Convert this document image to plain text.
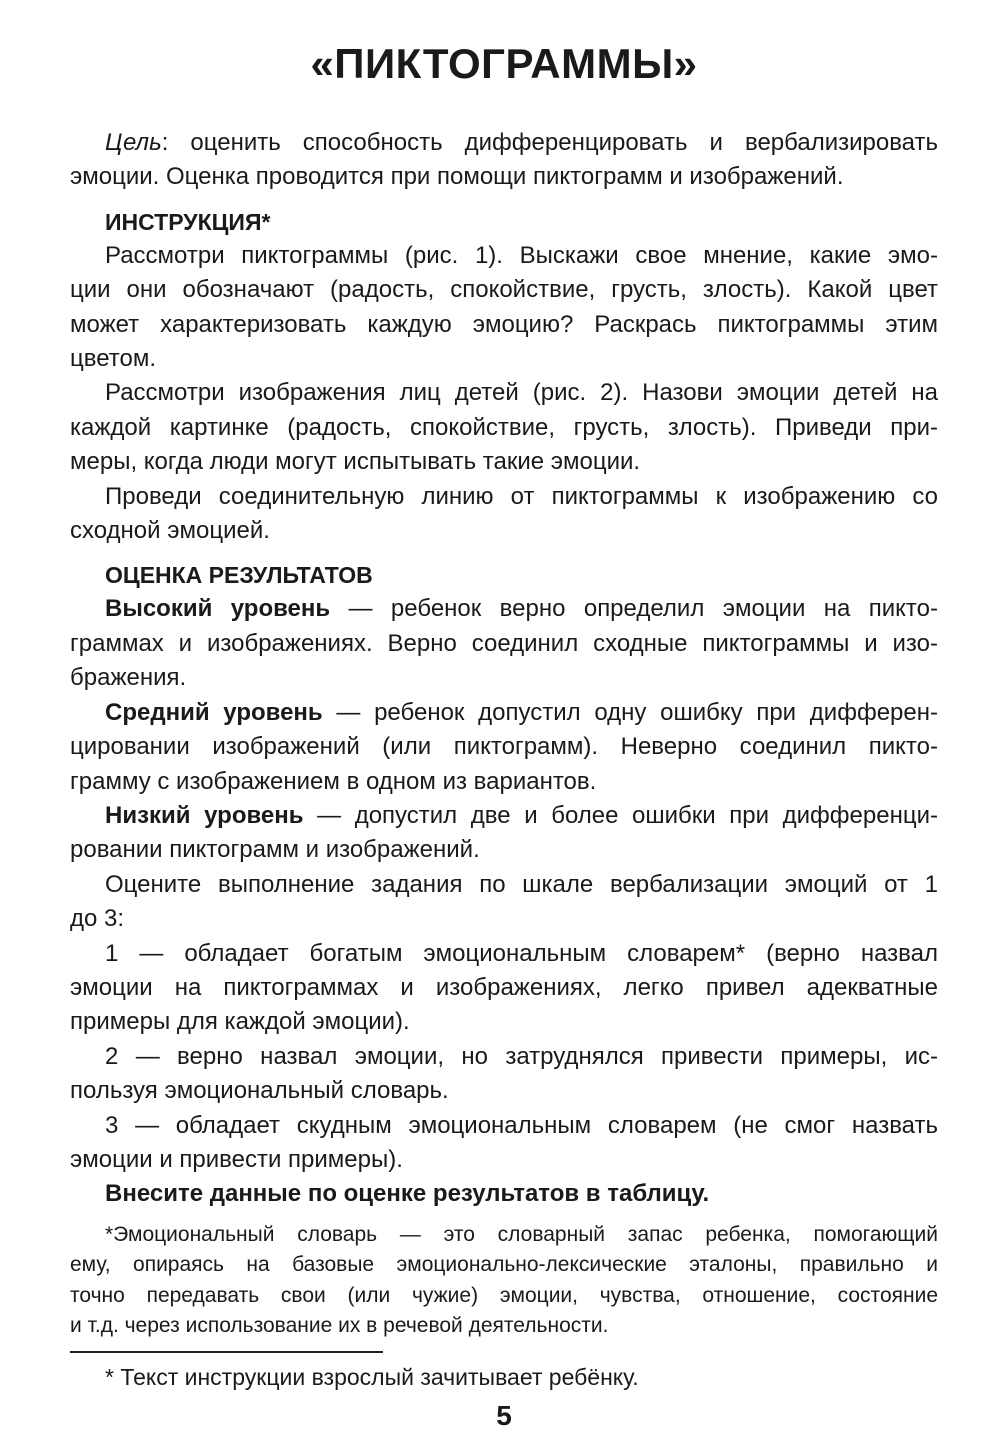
«ПИКТОГРАММЫ»
Цель: оценить способность дифференцировать и вербализировать
эмоции. Оценка проводится при помощи пиктограмм и изображений.
ИНСТРУКЦИЯ*
Рассмотри пиктограммы (рис. 1). Выскажи свое мнение, какие эмо-
ции они обозначают (радость, спокойствие, грусть, злость). Какой цвет
может характеризовать каждую эмоцию? Раскрась пиктограммы этим
цветом.
Рассмотри изображения лиц детей (рис. 2). Назови эмоции детей на
каждой картинке (радость, спокойствие, грусть, злость). Приведи при-
меры, когда люди могут испытывать такие эмоции.
Проведи соединительную линию от пиктограммы к изображению со
сходной эмоцией.
ОЦЕНКА РЕЗУЛЬТАТОВ
Высокий уровень — ребенок верно определил эмоции на пикто-
граммах и изображениях. Верно соединил сходные пиктограммы и изо-
бражения.
Средний уровень — ребенок допустил одну ошибку при дифферен-
цировании изображений (или пиктограмм). Неверно соединил пикто-
грамму с изображением в одном из вариантов.
Низкий уровень — допустил две и более ошибки при дифференци-
ровании пиктограмм и изображений.
Оцените выполнение задания по шкале вербализации эмоций от 1
до 3:
1 — обладает богатым эмоциональным словарем* (верно назвал
эмоции на пиктограммах и изображениях, легко привел адекватные
примеры для каждой эмоции).
2 — верно назвал эмоции, но затруднялся привести примеры, ис-
пользуя эмоциональный словарь.
3 — обладает скудным эмоциональным словарем (не смог назвать
эмоции и привести примеры).
Внесите данные по оценке результатов в таблицу.
*Эмоциональный словарь — это словарный запас ребенка, помогающий
ему, опираясь на базовые эмоционально-лексические эталоны, правильно и
точно передавать свои (или чужие) эмоции, чувства, отношение, состояние
и т.д. через использование их в речевой деятельности.
* Текст инструкции взрослый зачитывает ребёнку.
5
